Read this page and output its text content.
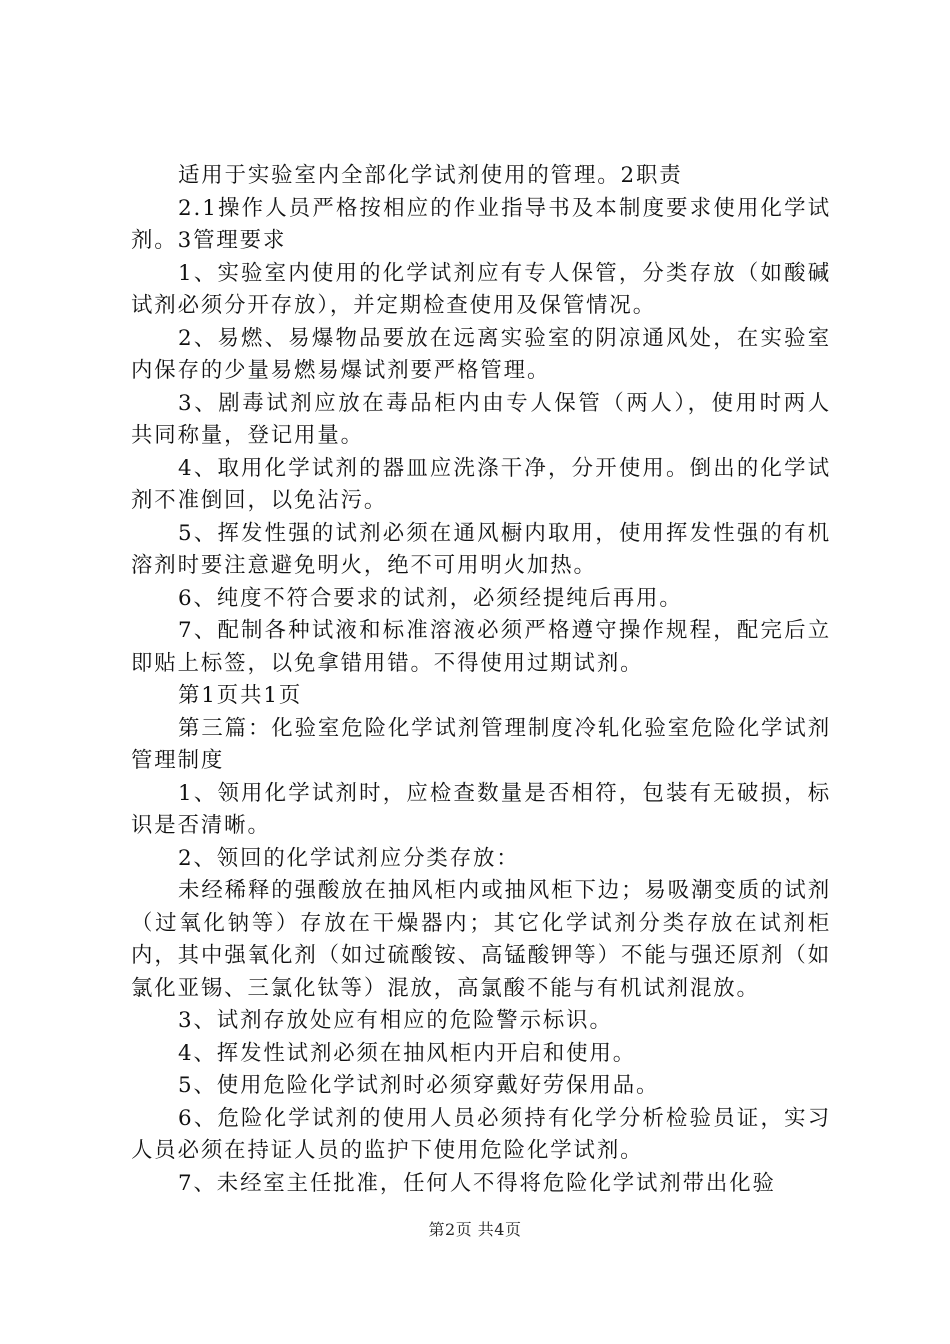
适用于实验室内全部化学试剂使用的管理。2职责

2.1操作人员严格按相应的作业指导书及本制度要求使用化学试剂。3管理要求

1、实验室内使用的化学试剂应有专人保管，分类存放（如酸碱试剂必须分开存放），并定期检查使用及保管情况。

2、易燃、易爆物品要放在远离实验室的阴凉通风处，在实验室内保存的少量易燃易爆试剂要严格管理。

3、剧毒试剂应放在毒品柜内由专人保管（两人），使用时两人共同称量，登记用量。

4、取用化学试剂的器皿应洗涤干净，分开使用。倒出的化学试剂不准倒回，以免沾污。

5、挥发性强的试剂必须在通风橱内取用，使用挥发性强的有机溶剂时要注意避免明火，绝不可用明火加热。

6、纯度不符合要求的试剂，必须经提纯后再用。

7、配制各种试液和标准溶液必须严格遵守操作规程，配完后立即贴上标签，以免拿错用错。不得使用过期试剂。

第1页共1页

第三篇：化验室危险化学试剂管理制度冷轧化验室危险化学试剂管理制度

1、领用化学试剂时，应检查数量是否相符，包装有无破损，标识是否清晰。

2、领回的化学试剂应分类存放：

未经稀释的强酸放在抽风柜内或抽风柜下边；易吸潮变质的试剂（过氧化钠等）存放在干燥器内；其它化学试剂分类存放在试剂柜内，其中强氧化剂（如过硫酸铵、高锰酸钾等）不能与强还原剂（如氯化亚锡、三氯化钛等）混放，高氯酸不能与有机试剂混放。

3、试剂存放处应有相应的危险警示标识。

4、挥发性试剂必须在抽风柜内开启和使用。

5、使用危险化学试剂时必须穿戴好劳保用品。

6、危险化学试剂的使用人员必须持有化学分析检验员证，实习人员必须在持证人员的监护下使用危险化学试剂。

7、未经室主任批准，任何人不得将危险化学试剂带出化验

第2页 共4页
